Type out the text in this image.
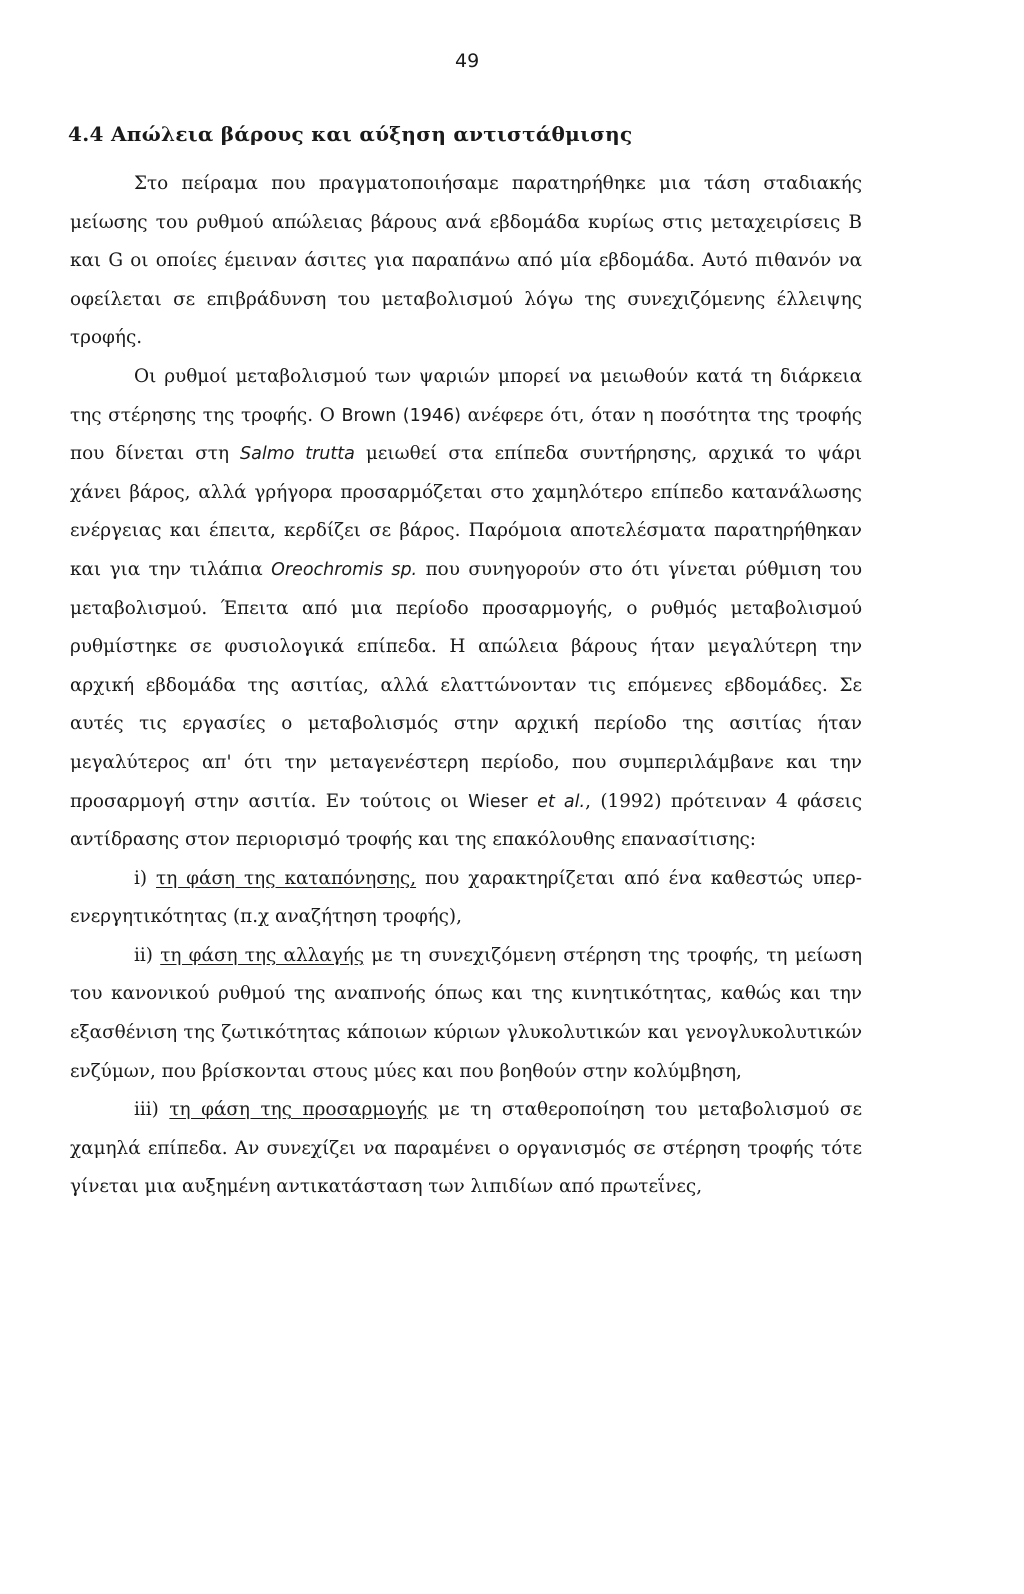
49
4.4 Απώλεια βάρους και αύξηση αντιστάθμισης

Στο πείραμα που πραγματοποιήσαμε παρατηρήθηκε μια τάση σταδιακής μείωσης του ρυθμού απώλειας βάρους ανά εβδομάδα κυρίως στις μεταχειρίσεις B και G οι οποίες έμειναν άσιτες για παραπάνω από μία εβδομάδα. Αυτό πιθανόν να οφείλεται σε επιβράδυνση του μεταβολισμού λόγω της συνεχιζόμενης έλλειψης τροφής.

Οι ρυθμοί μεταβολισμού των ψαριών μπορεί να μειωθούν κατά τη διάρκεια της στέρησης της τροφής. Ο Brown (1946) ανέφερε ότι, όταν η ποσότητα της τροφής που δίνεται στη Salmo trutta μειωθεί στα επίπεδα συντήρησης, αρχικά το ψάρι χάνει βάρος, αλλά γρήγορα προσαρμόζεται στο χαμηλότερο επίπεδο κατανάλωσης ενέργειας και έπειτα, κερδίζει σε βάρος. Παρόμοια αποτελέσματα παρατηρήθηκαν και για την τιλάπια Oreochromis sp. που συνηγορούν στο ότι γίνεται ρύθμιση του μεταβολισμού. Έπειτα από μια περίοδο προσαρμογής, ο ρυθμός μεταβολισμού ρυθμίστηκε σε φυσιολογικά επίπεδα. Η απώλεια βάρους ήταν μεγαλύτερη την αρχική εβδομάδα της ασιτίας, αλλά ελαττώνονταν τις επόμενες εβδομάδες. Σε αυτές τις εργασίες ο μεταβολισμός στην αρχική περίοδο της ασιτίας ήταν μεγαλύτερος απ' ότι την μεταγενέστερη περίοδο, που συμπεριλάμβανε και την προσαρμογή στην ασιτία. Εν τούτοις οι Wieser et al., (1992) πρότειναν 4 φάσεις αντίδρασης στον περιορισμό τροφής και της επακόλουθης επανασίτισης:

i) τη φάση της καταπόνησης, που χαρακτηρίζεται από ένα καθεστώς υπερ-ενεργητικότητας (π.χ αναζήτηση τροφής),

ii) τη φάση της αλλαγής με τη συνεχιζόμενη στέρηση της τροφής, τη μείωση του κανονικού ρυθμού της αναπνοής όπως και της κινητικότητας, καθώς και την εξασθένιση της ζωτικότητας κάποιων κύριων γλυκολυτικών και γενογλυκολυτικών ενζύμων, που βρίσκονται στους μύες και που βοηθούν στην κολύμβηση,

iii) τη φάση της προσαρμογής με τη σταθεροποίηση του μεταβολισμού σε χαμηλά επίπεδα. Αν συνεχίζει να παραμένει ο οργανισμός σε στέρηση τροφής τότε γίνεται μια αυξημένη αντικατάσταση των λιπιδίων από πρωτεΐνες,
